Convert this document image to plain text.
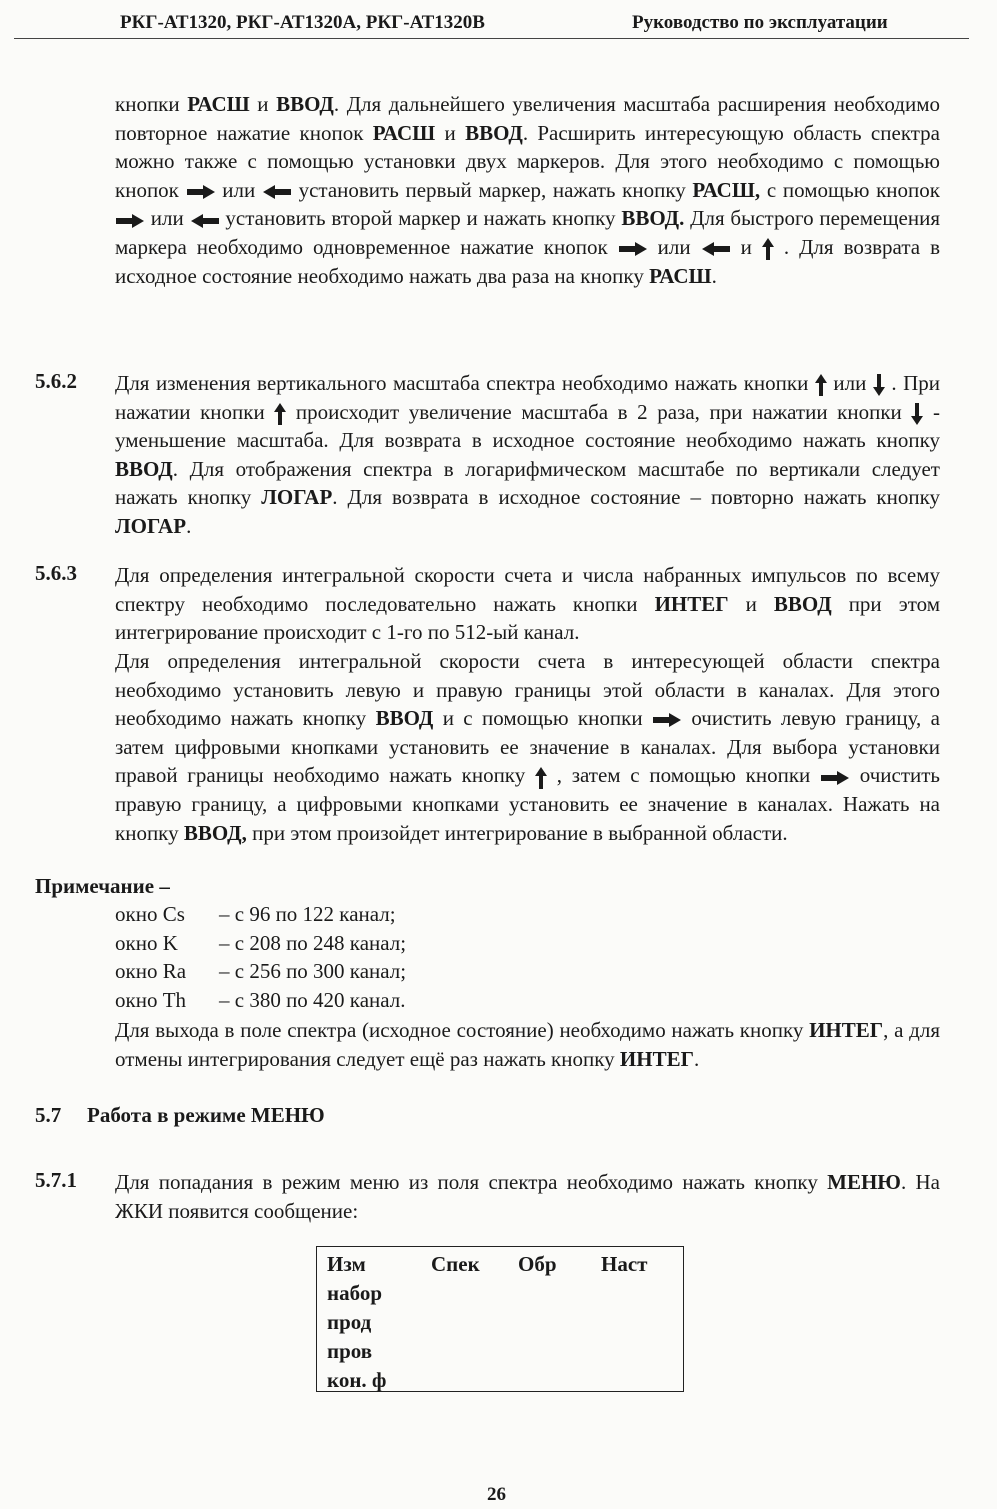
РКГ-АТ1320, РКГ-АТ1320А, РКГ-АТ1320В	Руководство по эксплуатации
кнопки РАСШ и ВВОД. Для дальнейшего увеличения масштаба расширения необходимо повторное нажатие кнопок РАСШ и ВВОД. Расширить интересующую область спектра можно также с помощью установки двух маркеров. Для этого необходимо с помощью кнопок  или  установить первый маркер, нажать кнопку РАСШ, с помощью кнопок  или  установить второй маркер и нажать кнопку ВВОД. Для быстрого перемещения маркера необходимо одновременное нажатие кнопок  или  и  . Для возврата в исходное состояние необходимо нажать два раза на кнопку РАСШ.
5.6.2 Для изменения вертикального масштаба спектра необходимо нажать кнопки  или  . При нажатии кнопки  происходит увеличение масштаба в 2 раза, при нажатии кнопки  - уменьшение масштаба. Для возврата в исходное состояние необходимо нажать кнопку ВВОД. Для отображения спектра в логарифмическом масштабе по вертикали следует нажать кнопку ЛОГАР. Для возврата в исходное состояние – повторно нажать кнопку ЛОГАР.
5.6.3 Для определения интегральной скорости счета и числа набранных импульсов по всему спектру необходимо последовательно нажать кнопки ИНТЕГ и ВВОД при этом интегрирование происходит с 1-го по 512-ый канал.
Для определения интегральной скорости счета в интересующей области спектра необходимо установить левую и правую границы этой области в каналах. Для этого необходимо нажать кнопку ВВОД и с помощью кнопки  очистить левую границу, а затем цифровыми кнопками установить ее значение в каналах. Для выбора установки правой границы необходимо нажать кнопку  , затем с помощью кнопки  очистить правую границу, а цифровыми кнопками установить ее значение в каналах. Нажать на кнопку ВВОД, при этом произойдет интегрирование в выбранной области.
Примечание –
окно Cs – с 96 по 122 канал;
окно K – с 208 по 248 канал;
окно Ra – с 256 по 300 канал;
окно Th – с 380 по 420 канал.
Для выхода в поле спектра (исходное состояние) необходимо нажать кнопку ИНТЕГ, а для отмены интегрирования следует ещё раз нажать кнопку ИНТЕГ.
5.7 Работа в режиме МЕНЮ
5.7.1 Для попадания в режим меню из поля спектра необходимо нажать кнопку МЕНЮ. На ЖКИ появится сообщение:
Изм	Спек Обр Наст
набор
прод
пров
кон. ф
26
